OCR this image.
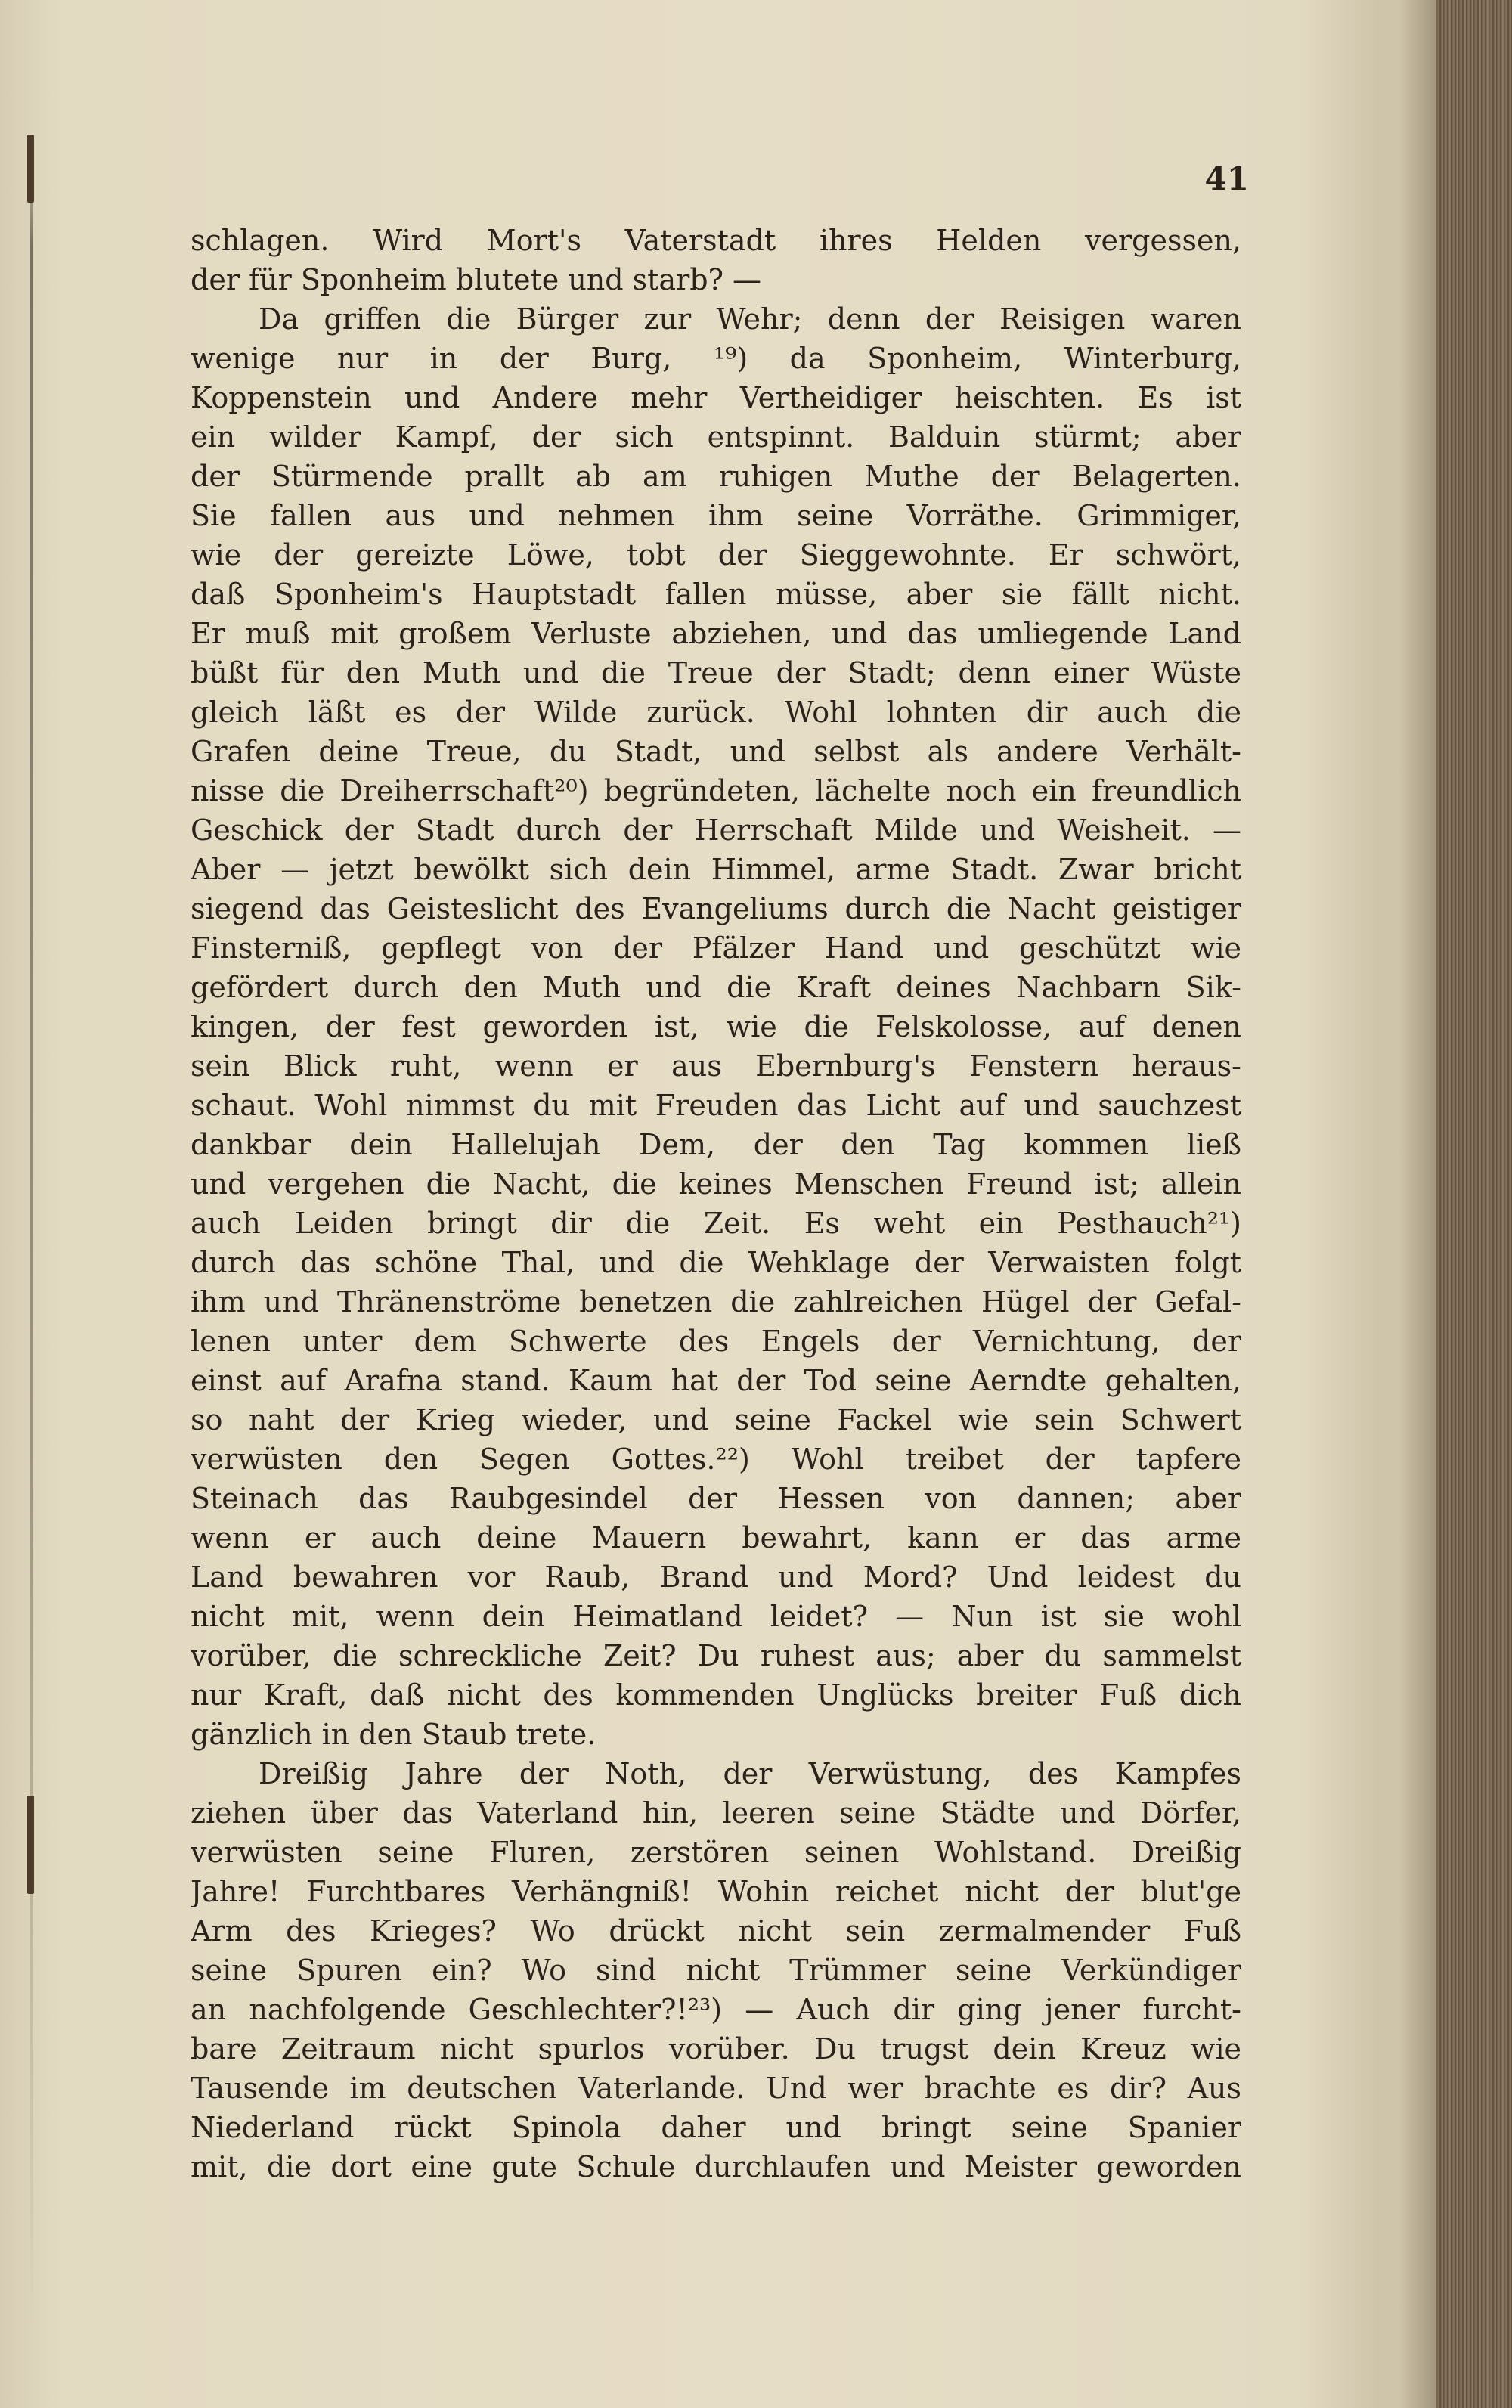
41
schlagen. Wird Mort's Vaterstadt ihres Helden vergessen,
der für Sponheim blutete und starb? —
Da griffen die Bürger zur Wehr; denn der Reisigen waren
wenige nur in der Burg, ¹⁹) da Sponheim, Winterburg,
Koppenstein und Andere mehr Vertheidiger heischten. Es ist
ein wilder Kampf, der sich entspinnt. Balduin stürmt; aber
der Stürmende prallt ab am ruhigen Muthe der Belagerten.
Sie fallen aus und nehmen ihm seine Vorräthe. Grimmiger,
wie der gereizte Löwe, tobt der Sieggewohnte. Er schwört,
daß Sponheim's Hauptstadt fallen müsse, aber sie fällt nicht.
Er muß mit großem Verluste abziehen, und das umliegende Land
büßt für den Muth und die Treue der Stadt; denn einer Wüste
gleich läßt es der Wilde zurück. Wohl lohnten dir auch die
Grafen deine Treue, du Stadt, und selbst als andere Verhält-
nisse die Dreiherrschaft²⁰) begründeten, lächelte noch ein freundlich
Geschick der Stadt durch der Herrschaft Milde und Weisheit. —
Aber — jetzt bewölkt sich dein Himmel, arme Stadt. Zwar bricht
siegend das Geisteslicht des Evangeliums durch die Nacht geistiger
Finsterniß, gepflegt von der Pfälzer Hand und geschützt wie
gefördert durch den Muth und die Kraft deines Nachbarn Sik-
kingen, der fest geworden ist, wie die Felskolosse, auf denen
sein Blick ruht, wenn er aus Ebernburg's Fenstern heraus-
schaut. Wohl nimmst du mit Freuden das Licht auf und sauchzest
dankbar dein Hallelujah Dem, der den Tag kommen ließ
und vergehen die Nacht, die keines Menschen Freund ist; allein
auch Leiden bringt dir die Zeit. Es weht ein Pesthauch²¹)
durch das schöne Thal, und die Wehklage der Verwaisten folgt
ihm und Thränenströme benetzen die zahlreichen Hügel der Gefal-
lenen unter dem Schwerte des Engels der Vernichtung, der
einst auf Arafna stand. Kaum hat der Tod seine Aerndte gehalten,
so naht der Krieg wieder, und seine Fackel wie sein Schwert
verwüsten den Segen Gottes.²²) Wohl treibet der tapfere
Steinach das Raubgesindel der Hessen von dannen; aber
wenn er auch deine Mauern bewahrt, kann er das arme
Land bewahren vor Raub, Brand und Mord? Und leidest du
nicht mit, wenn dein Heimatland leidet? — Nun ist sie wohl
vorüber, die schreckliche Zeit? Du ruhest aus; aber du sammelst
nur Kraft, daß nicht des kommenden Unglücks breiter Fuß dich
gänzlich in den Staub trete.
Dreißig Jahre der Noth, der Verwüstung, des Kampfes
ziehen über das Vaterland hin, leeren seine Städte und Dörfer,
verwüsten seine Fluren, zerstören seinen Wohlstand. Dreißig
Jahre! Furchtbares Verhängniß! Wohin reichet nicht der blut'ge
Arm des Krieges? Wo drückt nicht sein zermalmender Fuß
seine Spuren ein? Wo sind nicht Trümmer seine Verkündiger
an nachfolgende Geschlechter?!²³) — Auch dir ging jener furcht-
bare Zeitraum nicht spurlos vorüber. Du trugst dein Kreuz wie
Tausende im deutschen Vaterlande. Und wer brachte es dir? Aus
Niederland rückt Spinola daher und bringt seine Spanier
mit, die dort eine gute Schule durchlaufen und Meister geworden
